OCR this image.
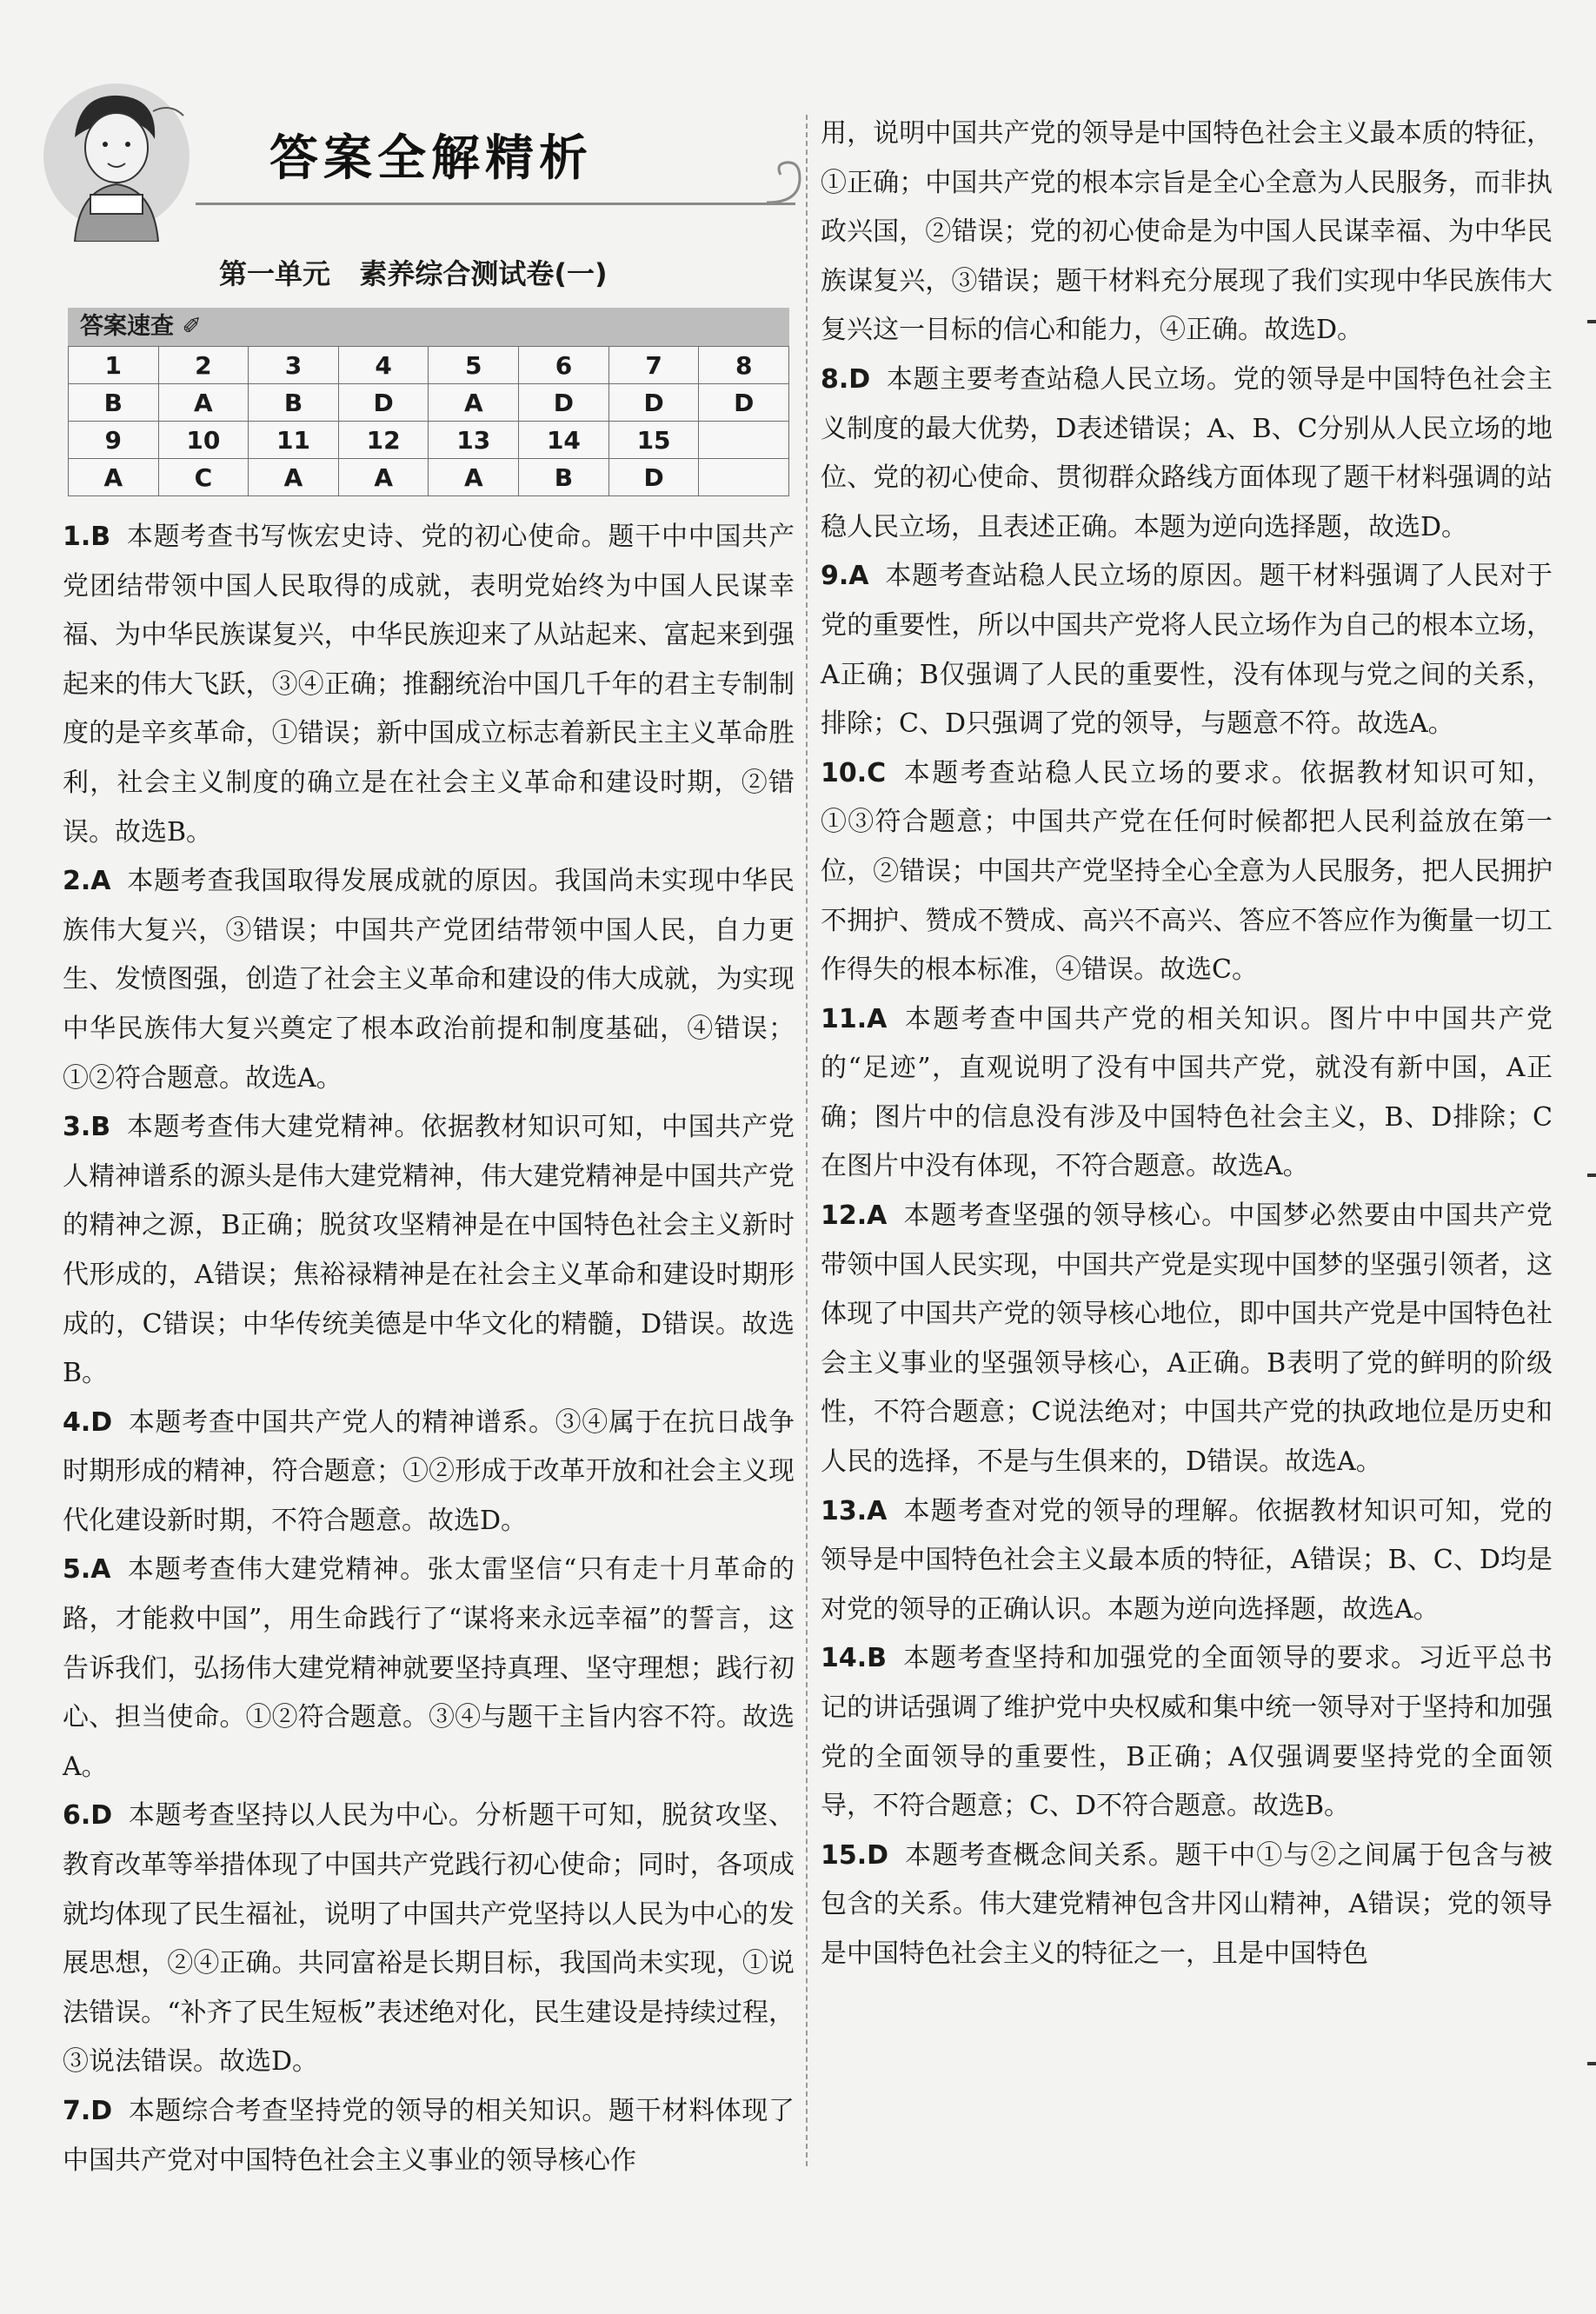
答案全解精析
第一单元   素养综合测试卷(一)
答案速查 ✐
1	2	3	4	5	6	7	8
B	A	B	D	A	D	D	D
9	10	11	12	13	14	15	
A	C	A	A	A	B	D	

1.B 本题考查书写恢宏史诗、党的初心使命。题干中中国共产党团结带领中国人民取得的成就，表明党始终为中国人民谋幸福、为中华民族谋复兴，中华民族迎来了从站起来、富起来到强起来的伟大飞跃，③④正确；推翻统治中国几千年的君主专制制度的是辛亥革命，①错误；新中国成立标志着新民主主义革命胜利，社会主义制度的确立是在社会主义革命和建设时期，②错误。故选B。

2.A 本题考查我国取得发展成就的原因。我国尚未实现中华民族伟大复兴，③错误；中国共产党团结带领中国人民，自力更生、发愤图强，创造了社会主义革命和建设的伟大成就，为实现中华民族伟大复兴奠定了根本政治前提和制度基础，④错误；①②符合题意。故选A。

3.B 本题考查伟大建党精神。依据教材知识可知，中国共产党人精神谱系的源头是伟大建党精神，伟大建党精神是中国共产党的精神之源，B正确；脱贫攻坚精神是在中国特色社会主义新时代形成的，A错误；焦裕禄精神是在社会主义革命和建设时期形成的，C错误；中华传统美德是中华文化的精髓，D错误。故选B。

4.D 本题考查中国共产党人的精神谱系。③④属于在抗日战争时期形成的精神，符合题意；①②形成于改革开放和社会主义现代化建设新时期，不符合题意。故选D。

5.A 本题考查伟大建党精神。张太雷坚信“只有走十月革命的路，才能救中国”，用生命践行了“谋将来永远幸福”的誓言，这告诉我们，弘扬伟大建党精神就要坚持真理、坚守理想；践行初心、担当使命。①②符合题意。③④与题干主旨内容不符。故选A。

6.D 本题考查坚持以人民为中心。分析题干可知，脱贫攻坚、教育改革等举措体现了中国共产党践行初心使命；同时，各项成就均体现了民生福祉，说明了中国共产党坚持以人民为中心的发展思想，②④正确。共同富裕是长期目标，我国尚未实现，①说法错误。“补齐了民生短板”表述绝对化，民生建设是持续过程，③说法错误。故选D。

7.D 本题综合考查坚持党的领导的相关知识。题干材料体现了中国共产党对中国特色社会主义事业的领导核心作

用，说明中国共产党的领导是中国特色社会主义最本质的特征，①正确；中国共产党的根本宗旨是全心全意为人民服务，而非执政兴国，②错误；党的初心使命是为中国人民谋幸福、为中华民族谋复兴，③错误；题干材料充分展现了我们实现中华民族伟大复兴这一目标的信心和能力，④正确。故选D。

8.D 本题主要考查站稳人民立场。党的领导是中国特色社会主义制度的最大优势，D表述错误；A、B、C分别从人民立场的地位、党的初心使命、贯彻群众路线方面体现了题干材料强调的站稳人民立场，且表述正确。本题为逆向选择题，故选D。

9.A 本题考查站稳人民立场的原因。题干材料强调了人民对于党的重要性，所以中国共产党将人民立场作为自己的根本立场，A正确；B仅强调了人民的重要性，没有体现与党之间的关系，排除；C、D只强调了党的领导，与题意不符。故选A。

10.C 本题考查站稳人民立场的要求。依据教材知识可知，①③符合题意；中国共产党在任何时候都把人民利益放在第一位，②错误；中国共产党坚持全心全意为人民服务，把人民拥护不拥护、赞成不赞成、高兴不高兴、答应不答应作为衡量一切工作得失的根本标准，④错误。故选C。

11.A 本题考查中国共产党的相关知识。图片中中国共产党的“足迹”，直观说明了没有中国共产党，就没有新中国，A正确；图片中的信息没有涉及中国特色社会主义，B、D排除；C在图片中没有体现，不符合题意。故选A。

12.A 本题考查坚强的领导核心。中国梦必然要由中国共产党带领中国人民实现，中国共产党是实现中国梦的坚强引领者，这体现了中国共产党的领导核心地位，即中国共产党是中国特色社会主义事业的坚强领导核心，A正确。B表明了党的鲜明的阶级性，不符合题意；C说法绝对；中国共产党的执政地位是历史和人民的选择，不是与生俱来的，D错误。故选A。

13.A 本题考查对党的领导的理解。依据教材知识可知，党的领导是中国特色社会主义最本质的特征，A错误；B、C、D均是对党的领导的正确认识。本题为逆向选择题，故选A。

14.B 本题考查坚持和加强党的全面领导的要求。习近平总书记的讲话强调了维护党中央权威和集中统一领导对于坚持和加强党的全面领导的重要性，B正确；A仅强调要坚持党的全面领导，不符合题意；C、D不符合题意。故选B。

15.D 本题考查概念间关系。题干中①与②之间属于包含与被包含的关系。伟大建党精神包含井冈山精神，A错误；党的领导是中国特色社会主义的特征之一，且是中国特色
